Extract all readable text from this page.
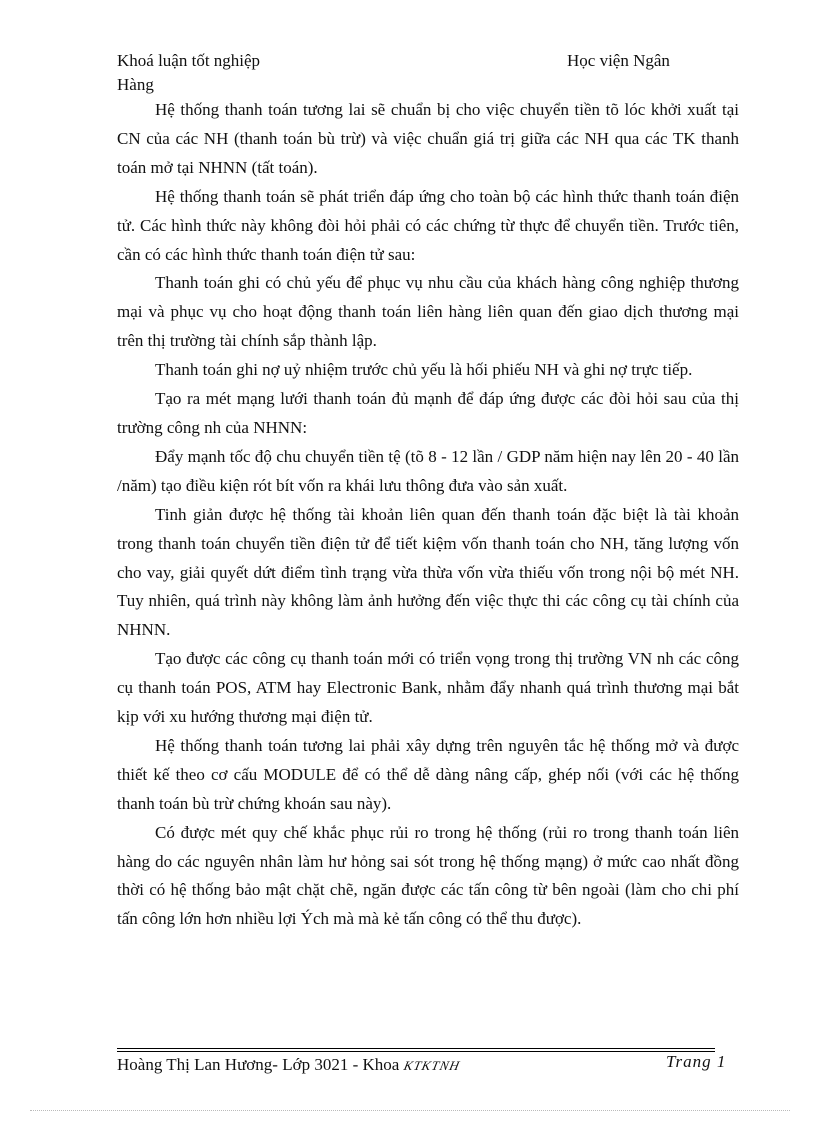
Khoá luận tốt nghiệp
Hàng
Học viện Ngân

Hệ thống thanh toán tương lai sẽ chuẩn bị cho việc chuyển tiền tõ lóc khởi xuất tại CN của các NH (thanh toán bù trừ) và việc chuẩn giá trị giữa các NH qua các TK thanh toán mở tại NHNN (tất toán).

Hệ thống thanh toán sẽ phát triển đáp ứng cho toàn bộ các hình thức thanh toán điện tử. Các hình thức này không đòi hỏi phải có các chứng từ thực để chuyển tiền. Trước tiên, cần có các hình thức thanh toán điện tử sau:

Thanh toán ghi có chủ yếu để phục vụ nhu cầu của khách hàng công nghiệp thương mại và phục vụ cho hoạt động thanh toán liên hàng liên quan đến giao dịch thương mại trên thị trường tài chính sắp thành lập.

Thanh toán ghi nợ uỷ nhiệm trước chủ yếu là hối phiếu NH và ghi nợ trực tiếp.

Tạo ra mét mạng lưới thanh toán đủ mạnh để đáp ứng được các đòi hỏi sau của thị trường công nh của NHNN:

Đẩy mạnh tốc độ chu chuyển tiền tệ (tõ 8 - 12 lần / GDP năm hiện nay lên 20 - 40 lần /năm) tạo điều kiện rót bít vốn ra khái lưu thông đưa vào sản xuất.

Tinh giản được hệ thống tài khoản liên quan đến thanh toán đặc biệt là tài khoản trong thanh toán chuyển tiền điện tử để tiết kiệm vốn thanh toán cho NH, tăng lượng vốn cho vay, giải quyết dứt điểm tình trạng vừa thừa vốn vừa thiếu vốn trong nội bộ mét NH. Tuy nhiên, quá trình này không làm ảnh hưởng đến việc thực thi các công cụ tài chính của NHNN.

Tạo được các công cụ thanh toán mới có triển vọng trong thị trường VN nh các công cụ thanh toán POS, ATM hay Electronic Bank, nhằm đẩy nhanh quá trình thương mại bắt kịp với xu hướng thương mại điện tử.

Hệ thống thanh toán tương lai phải xây dựng trên nguyên tắc hệ thống mở và được thiết kế theo cơ cấu MODULE để có thể dễ dàng nâng cấp, ghép nối (với các hệ thống thanh toán bù trừ chứng khoán sau này).

Có được mét quy chế khắc phục rủi ro trong hệ thống (rủi ro trong thanh toán liên hàng do các nguyên nhân làm hư hỏng sai sót trong hệ thống mạng) ở mức cao nhất đồng thời có hệ thống bảo mật chặt chẽ, ngăn được các tấn công từ bên ngoài (làm cho chi phí tấn công lớn hơn nhiều lợi Ých mà mà kẻ tấn công có thể thu được).

Hoàng Thị Lan Hương- Lớp 3021 - Khoa KTKTNH	Trang 1
